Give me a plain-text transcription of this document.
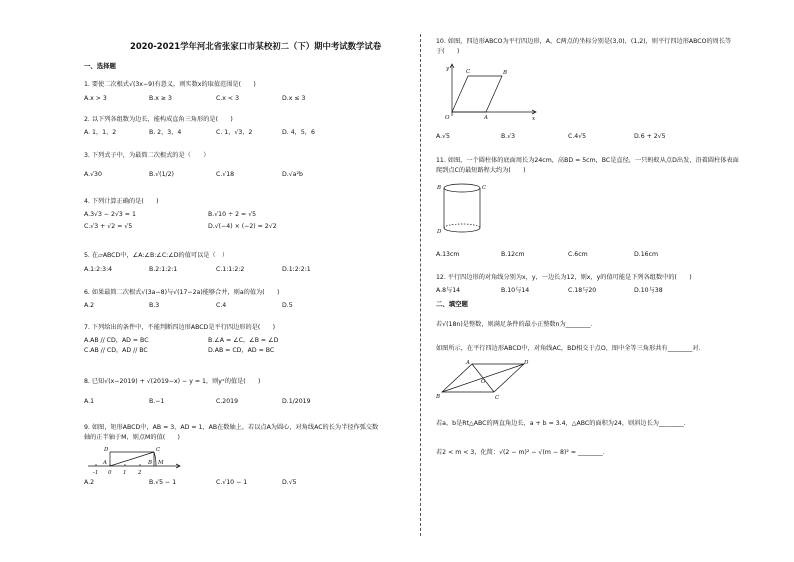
2020-2021学年河北省张家口市某校初二（下）期中考试数学试卷
一、选择题
1. 要使二次根式√(3x−9)有意义，则实数x的取值范围是(　　)
A.x > 3	B.x ≥ 3	C.x < 3	D.x ≤ 3
2. 以下列各组数为边长，能构成直角三角形的是(　　)
A. 1，1，2	B. 2，3，4	C. 1，√3，2	D. 4，5，6
3. 下列式子中，为最简二次根式的是（　　）
A.√30	B.√(1/2)	C.√18	D.√a²b
4. 下列计算正确的是(　　)
A.3√3 − 2√3 = 1	B.√10 ÷ 2 = √5
C.√3 + √2 = √5	D.√(−4) × (−2) = 2√2
5. 在▱ABCD中，∠A:∠B:∠C:∠D的值可以是（　）
A.1:2:3:4	B.2:1:2:1	C.1:1:2:2	D.1:2:2:1
6. 如果最简二次根式√(3a−8)与√(17−2a)能够合并，则a的值为(　　)
A.2	B.3	C.4	D.5
7. 下列给出的条件中，不能判断四边形ABCD是平行四边形的是(　　)
A.AB // CD，AD = BC	B.∠A = ∠C，∠B = ∠D
C.AB // CD，AD // BC	D.AB = CD，AD = BC
8. 已知√(x−2019) + √(2019−x) − y = 1，则yˣ的值是(　　)
A.1	B.−1	C.2019	D.1/2019
9. 如图，矩形ABCD中，AB = 3，AD = 1，AB在数轴上，若以点A为圆心，对角线AC的长为半径作弧交数
轴的正半轴于M，则点M的值(　　)
D	C
A	B M
-1 0 1 2
A.2	B.√5 − 1	C.√10 − 1	D.√5
10. 如图，四边形ABCO为平行四边形，A，C两点的坐标分别是(3,0)，(1,2)，则平行四边形ABCO的周长等
于(　　)
y
x
O	A
B
C
A.√5	B.√3	C.4√5	D.6 + 2√5
11. 如图，一个圆柱体的底面周长为24cm，高BD = 5cm，BC是直径，一只蚂蚁从点D出发，沿着圆柱体表面
爬到点C的最短路程大约为(　　)
B	C
D
A.13cm	B.12cm	C.6cm	D.16cm
12. 平行四边形的对角线分别为x，y，一边长为12，则x，y的值可能是下列各组数中的(　　)
A.8与14	B.10与14	C.18与20	D.10与38
二、填空题
若√(18n)是整数，则满足条件的最小正整数n为________．
如图所示，在平行四边形ABCD中，对角线AC，BD相交于点O，图中全等三角形共有________对．
B	C
D
A
O
若a，b是Rt△ABC的两直角边长，a + b = 3.4，△ABC的面积为24，则斜边长为________．
若2 < m < 3，化简：√(2 − m)² − √(m − 8)² = ________．
